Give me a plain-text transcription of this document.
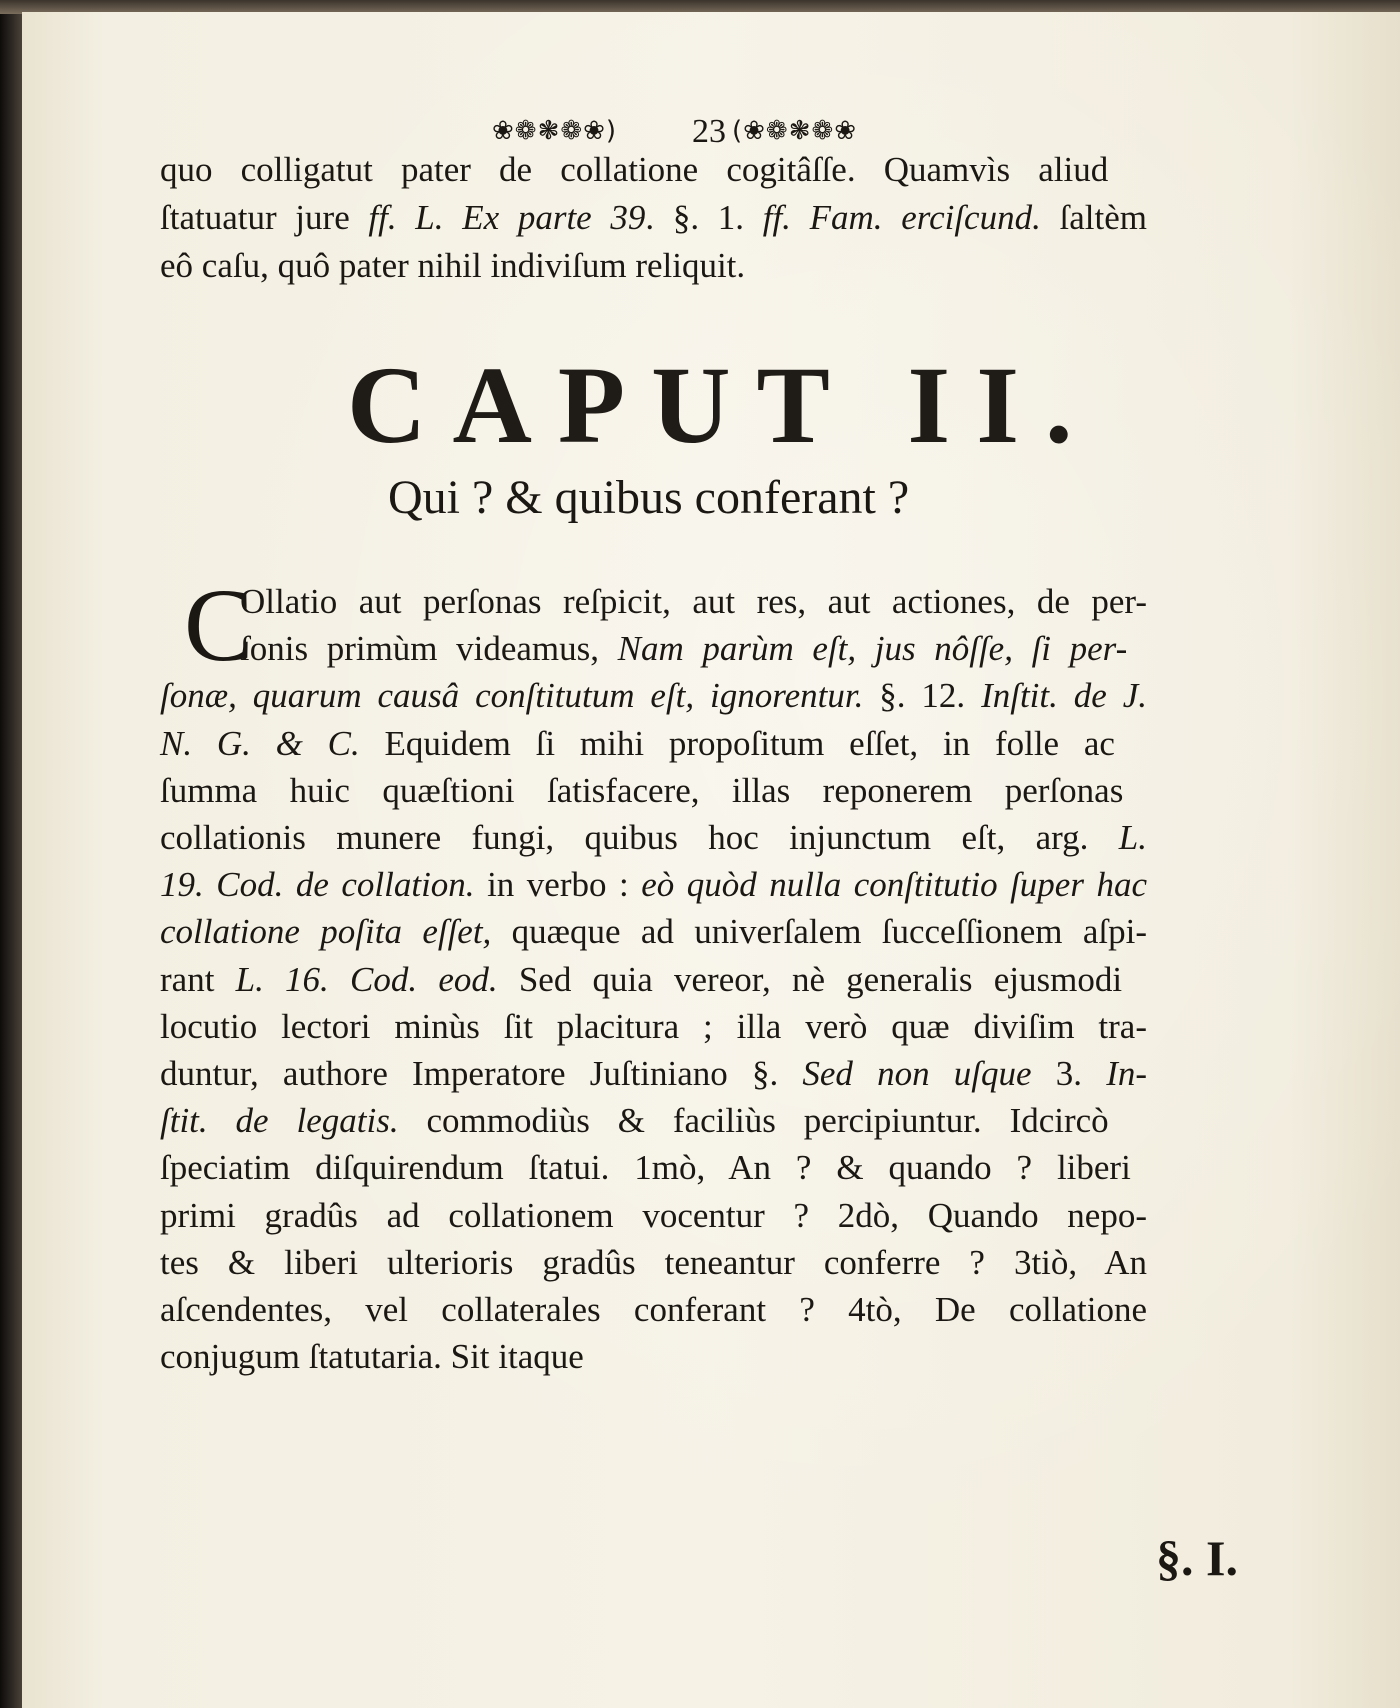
❀❁❃❁❀) 23 (❀❁❃❁❀
quo colligatut pater de collatione cogitâſſe. Quamvìs aliud
ſtatuatur jure ff. L. Ex parte 39. §. 1. ff. Fam. erciſcund. ſaltèm
eô caſu, quô pater nihil indiviſum reliquit.
CAPUT II.
Qui ? & quibus conferant ?
C
Ollatio aut perſonas reſpicit, aut res, aut actiones, de per-
ſonis primùm videamus, Nam parùm eſt, jus nôſſe, ſi per-
ſonæ, quarum causâ conſtitutum eſt, ignorentur. §. 12. Inſtit. de J.
N. G. & C. Equidem ſi mihi propoſitum eſſet, in folle ac
ſumma huic quæſtioni ſatisfacere, illas reponerem perſonas
collationis munere fungi, quibus hoc injunctum eſt, arg. L.
19. Cod. de collation. in verbo : eò quòd nulla conſtitutio ſuper hac
collatione poſita eſſet, quæque ad univerſalem ſucceſſionem aſpi-
rant L. 16. Cod. eod. Sed quia vereor, nè generalis ejusmodi
locutio lectori minùs ſit placitura ; illa verò quæ diviſim tra-
duntur, authore Imperatore Juſtiniano §. Sed non uſque 3. In-
ſtit. de legatis. commodiùs & faciliùs percipiuntur. Idcircò
ſpeciatim diſquirendum ſtatui. 1mò, An ? & quando ? liberi
primi gradûs ad collationem vocentur ? 2dò, Quando nepo-
tes & liberi ulterioris gradûs teneantur conferre ? 3tiò, An
aſcendentes, vel collaterales conferant ? 4tò, De collatione
conjugum ſtatutaria. Sit itaque
§. I.
